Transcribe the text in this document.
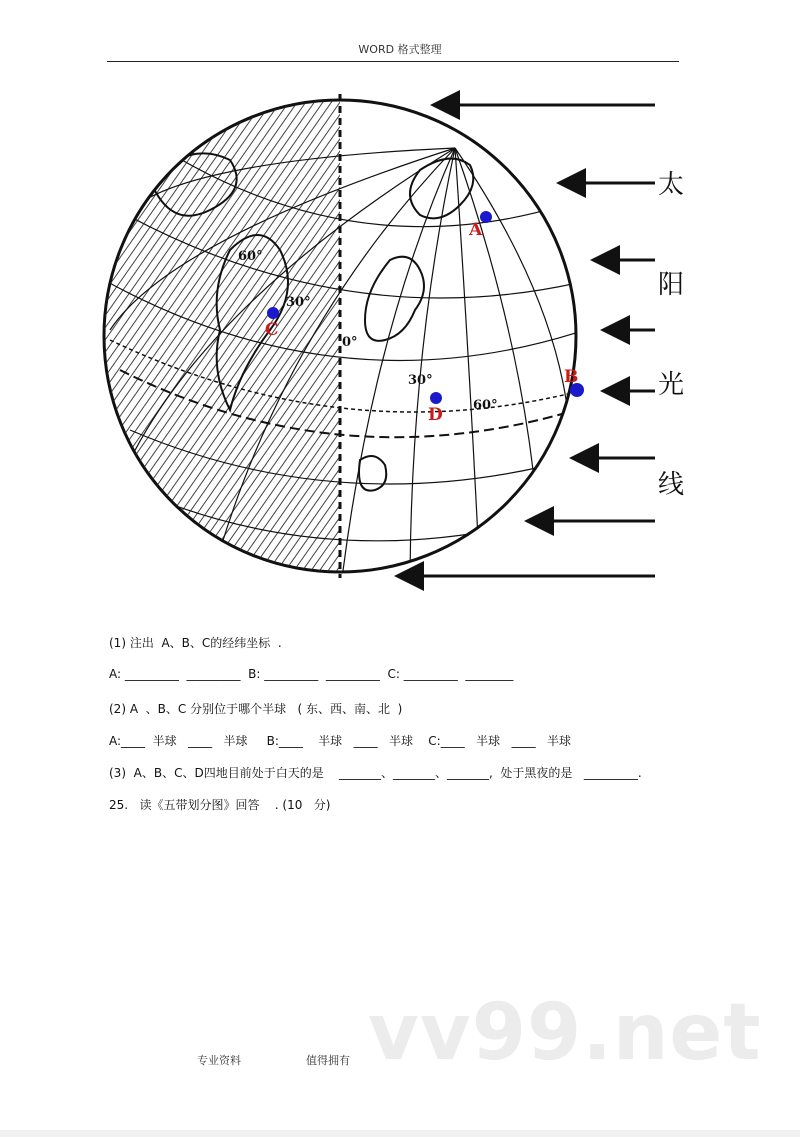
WORD 格式整理
60°
30°
0°
30°
60°
A
B
C
D
太
阳
光
线
(1) 注出  A、B、C的经纬坐标  .
A: _________  _________  B: _________  _________  C: _________  ________
(2) A  、B、C 分别位于哪个半球   ( 东、西、南、北  )
A:____  半球   ____   半球     B:____    半球   ____   半球    C:____   半球   ____   半球
(3)  A、B、C、D四地目前处于白天的是    _______、_______、_______,  处于黑夜的是   _________.
25.   读《五带划分图》回答    . (10   分)
vv99.net
专业资料	值得拥有
